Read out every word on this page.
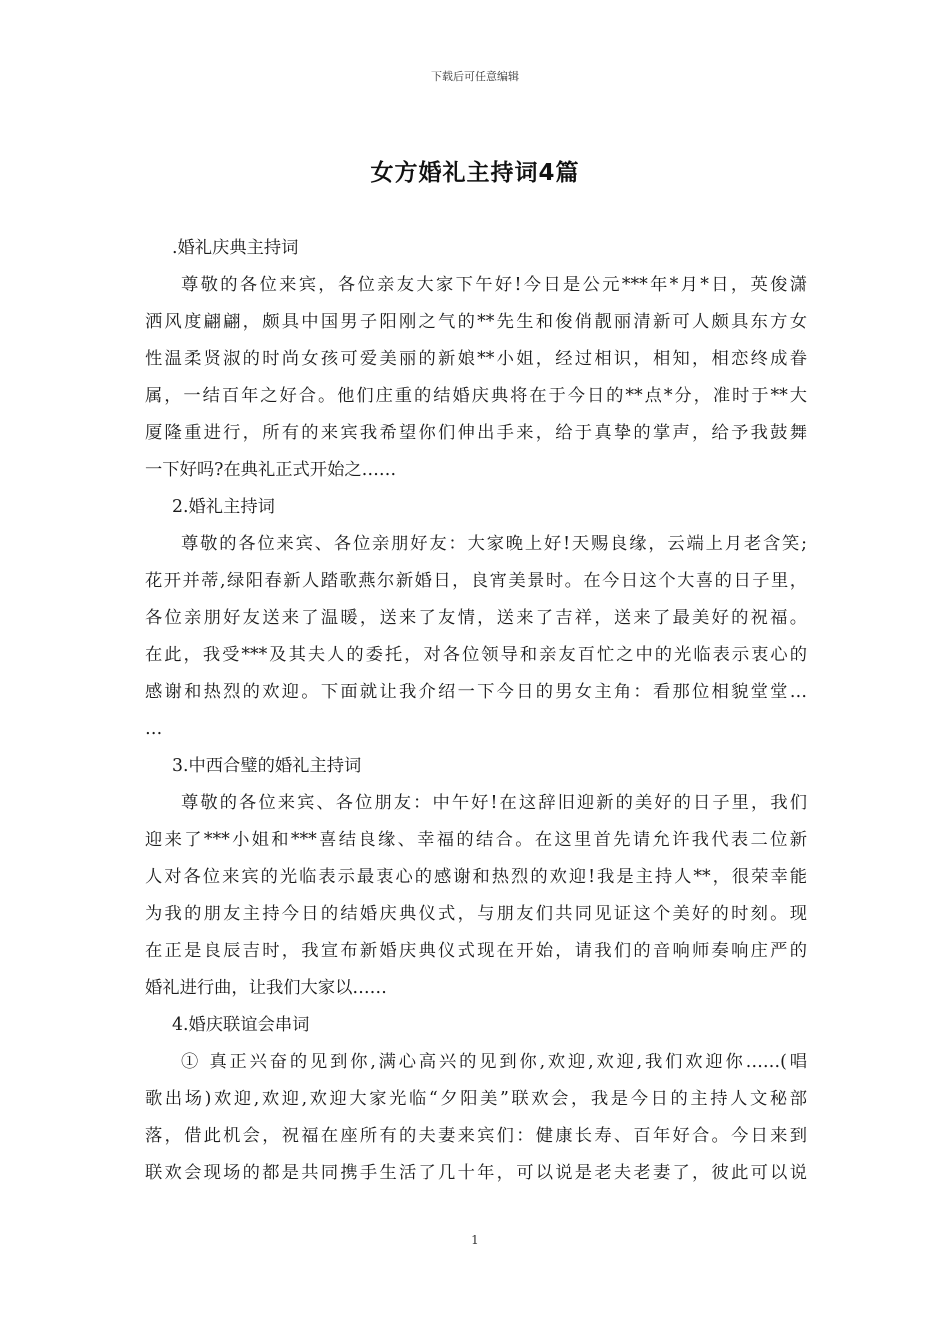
下载后可任意编辑
女方婚礼主持词4篇
.婚礼庆典主持词
尊敬的各位来宾，各位亲友大家下午好!今日是公元***年*月*日，英俊潇
洒风度翩翩，颇具中国男子阳刚之气的**先生和俊俏靓丽清新可人颇具东方女
性温柔贤淑的时尚女孩可爱美丽的新娘**小姐，经过相识，相知，相恋终成眷
属，一结百年之好合。他们庄重的结婚庆典将在于今日的**点*分，准时于**大
厦隆重进行，所有的来宾我希望你们伸出手来，给于真挚的掌声，给予我鼓舞
一下好吗?在典礼正式开始之……
2.婚礼主持词
尊敬的各位来宾、各位亲朋好友：大家晚上好!天赐良缘，云端上月老含笑;
花开并蒂,绿阳春新人踏歌燕尔新婚日，良宵美景时。在今日这个大喜的日子里，
各位亲朋好友送来了温暖，送来了友情，送来了吉祥，送来了最美好的祝福。
在此，我受***及其夫人的委托，对各位领导和亲友百忙之中的光临表示衷心的
感谢和热烈的欢迎。下面就让我介绍一下今日的男女主角：看那位相貌堂堂…
…
3.中西合璧的婚礼主持词
尊敬的各位来宾、各位朋友：中午好!在这辞旧迎新的美好的日子里，我们
迎来了***小姐和***喜结良缘、幸福的结合。在这里首先请允许我代表二位新
人对各位来宾的光临表示最衷心的感谢和热烈的欢迎!我是主持人**，很荣幸能
为我的朋友主持今日的结婚庆典仪式，与朋友们共同见证这个美好的时刻。现
在正是良辰吉时，我宣布新婚庆典仪式现在开始，请我们的音响师奏响庄严的
婚礼进行曲，让我们大家以……
4.婚庆联谊会串词
① 真正兴奋的见到你,满心高兴的见到你,欢迎,欢迎,我们欢迎你……(唱
歌出场)欢迎,欢迎,欢迎大家光临“夕阳美”联欢会，我是今日的主持人文秘部
落，借此机会，祝福在座所有的夫妻来宾们：健康长寿、百年好合。今日来到
联欢会现场的都是共同携手生活了几十年，可以说是老夫老妻了，彼此可以说
1
